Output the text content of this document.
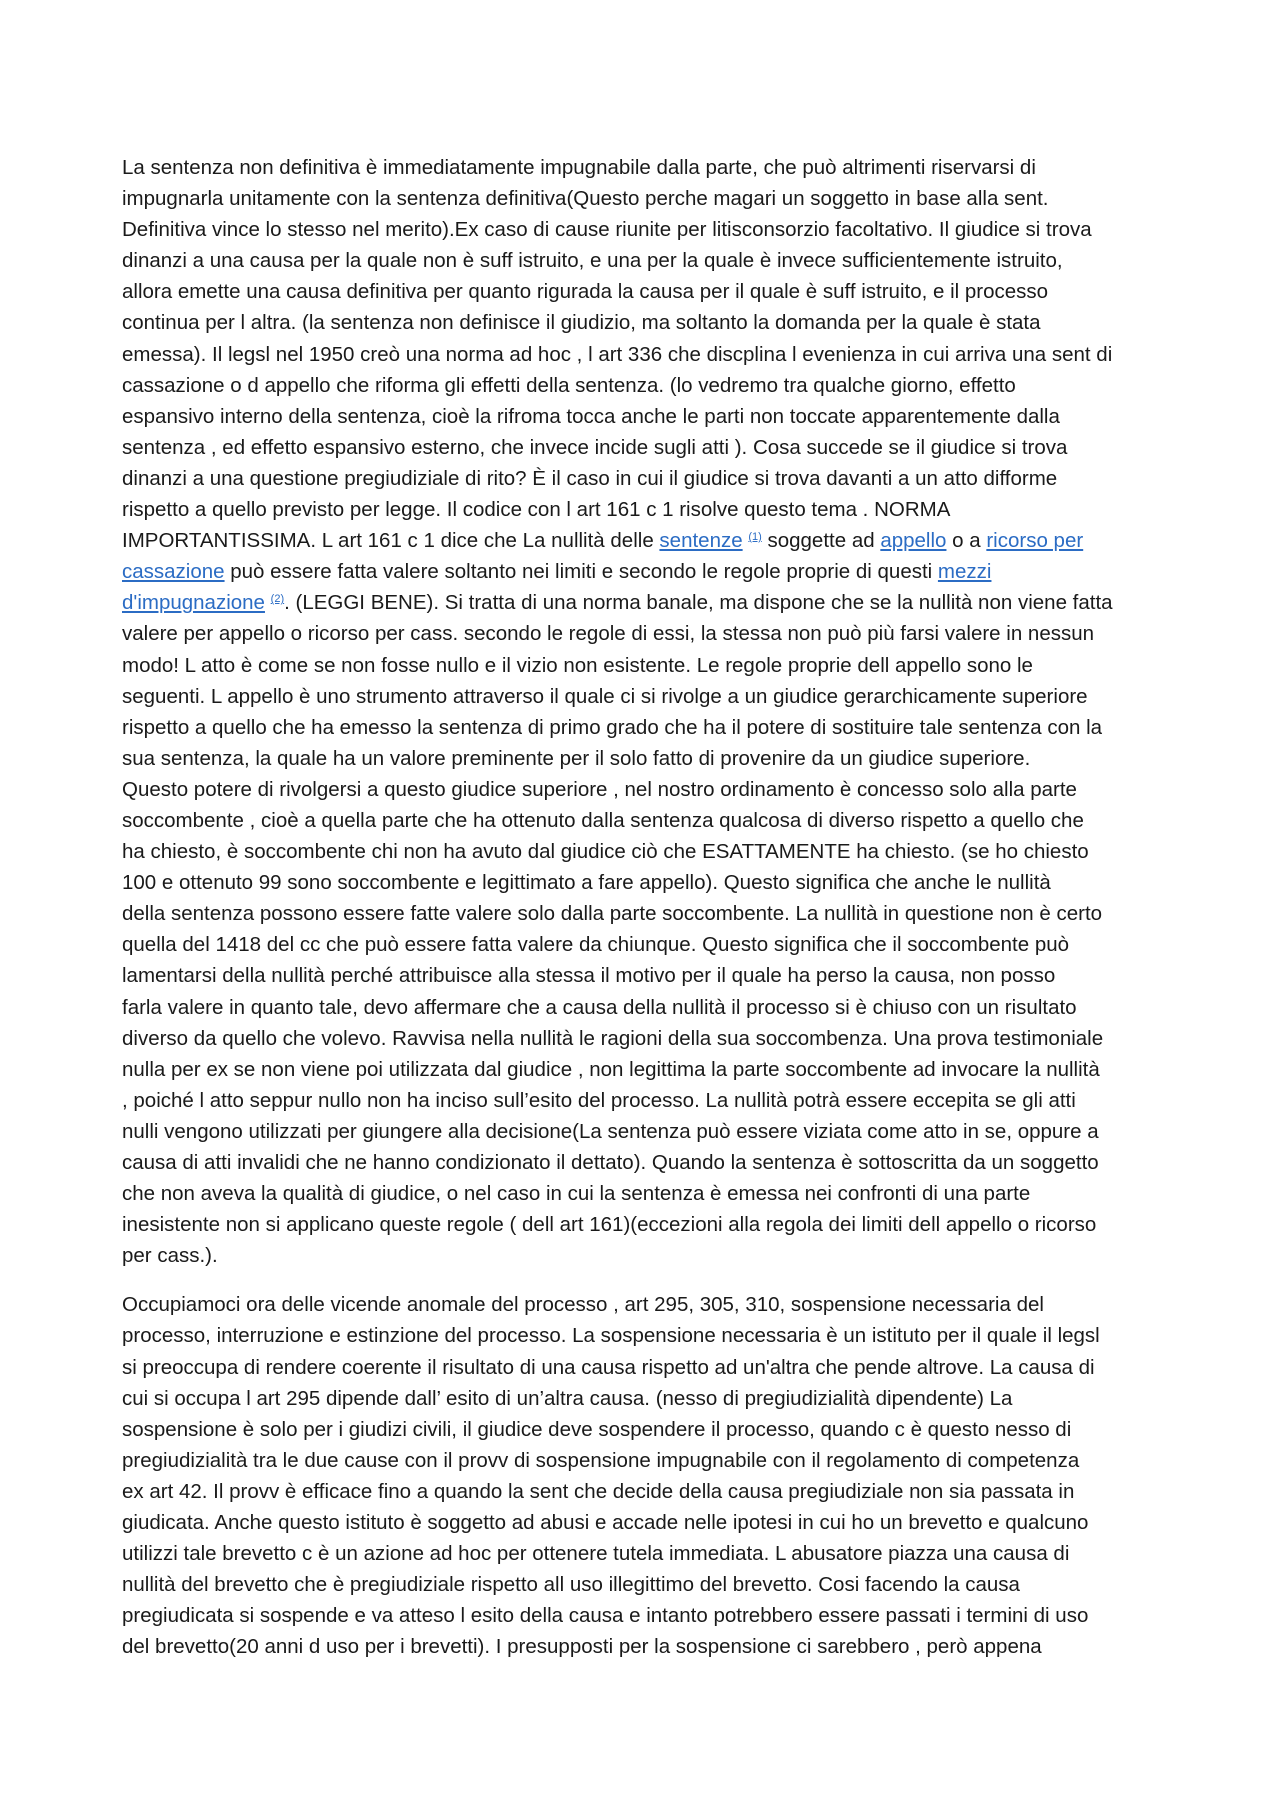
La sentenza non definitiva è immediatamente impugnabile dalla parte, che può altrimenti riservarsi di
impugnarla unitamente con la sentenza definitiva(Questo perche magari un soggetto in base alla sent.
Definitiva vince lo stesso nel merito).Ex caso di cause riunite per litisconsorzio facoltativo. Il giudice si trova
dinanzi a una causa per la quale non è suff istruito, e una per la quale è invece sufficientemente istruito,
allora emette una causa definitiva per quanto rigurada la causa per il quale è suff istruito, e il processo
continua per l altra. (la sentenza non definisce il giudizio, ma soltanto la domanda per la quale è stata
emessa). Il legsl nel 1950 creò una norma ad hoc , l art 336 che discplina l evenienza in cui arriva una sent di
cassazione o d appello che riforma gli effetti della sentenza. (lo vedremo tra qualche giorno, effetto
espansivo interno della sentenza, cioè la rifroma tocca anche le parti non toccate apparentemente dalla
sentenza , ed effetto espansivo esterno, che invece incide sugli atti ). Cosa succede se il giudice si trova
dinanzi a una questione pregiudiziale di rito? È il caso in cui il giudice si trova davanti a un atto difforme
rispetto a quello previsto per legge. Il codice con l art 161 c 1 risolve questo tema . NORMA
IMPORTANTISSIMA. L art 161 c 1 dice che La nullità delle sentenze $^{(1)}$ soggette ad appello o a ricorso per
cassazione può essere fatta valere soltanto nei limiti e secondo le regole proprie di questi mezzi
d'impugnazione $^{(2)}$. (LEGGI BENE). Si tratta di una norma banale, ma dispone che se la nullità non viene fatta
valere per appello o ricorso per cass. secondo le regole di essi, la stessa non può più farsi valere in nessun
modo! L atto è come se non fosse nullo e il vizio non esistente. Le regole proprie dell appello sono le
seguenti. L appello è uno strumento attraverso il quale ci si rivolge a un giudice gerarchicamente superiore
rispetto a quello che ha emesso la sentenza di primo grado che ha il potere di sostituire tale sentenza con la
sua sentenza, la quale ha un valore preminente per il solo fatto di provenire da un giudice superiore.
Questo potere di rivolgersi a questo giudice superiore , nel nostro ordinamento è concesso solo alla parte
soccombente , cioè a quella parte che ha ottenuto dalla sentenza qualcosa di diverso rispetto a quello che
ha chiesto, è soccombente chi non ha avuto dal giudice ciò che ESATTAMENTE ha chiesto. (se ho chiesto
100 e ottenuto 99 sono soccombente e legittimato a fare appello). Questo significa che anche le nullità
della sentenza possono essere fatte valere solo dalla parte soccombente. La nullità in questione non è certo
quella del 1418 del cc che può essere fatta valere da chiunque. Questo significa che il soccombente può
lamentarsi della nullità perché attribuisce alla stessa il motivo per il quale ha perso la causa, non posso
farla valere in quanto tale, devo affermare che a causa della nullità il processo si è chiuso con un risultato
diverso da quello che volevo. Ravvisa nella nullità le ragioni della sua soccombenza. Una prova testimoniale
nulla per ex se non viene poi utilizzata dal giudice , non legittima la parte soccombente ad invocare la nullità
, poiché l atto seppur nullo non ha inciso sull’esito del processo. La nullità potrà essere eccepita se gli atti
nulli vengono utilizzati per giungere alla decisione(La sentenza può essere viziata come atto in se, oppure a
causa di atti invalidi che ne hanno condizionato il dettato). Quando la sentenza è sottoscritta da un soggetto
che non aveva la qualità di giudice, o nel caso in cui la sentenza è emessa nei confronti di una parte
inesistente non si applicano queste regole ( dell art 161)(eccezioni alla regola dei limiti dell appello o ricorso
per cass.).
Occupiamoci ora delle vicende anomale del processo , art 295, 305, 310, sospensione necessaria del
processo, interruzione e estinzione del processo. La sospensione necessaria è un istituto per il quale il legsl
si preoccupa di rendere coerente il risultato di una causa rispetto ad un'altra che pende altrove. La causa di
cui si occupa l art 295 dipende dall’ esito di un’altra causa. (nesso di pregiudizialità dipendente) La
sospensione è solo per i giudizi civili, il giudice deve sospendere il processo, quando c è questo nesso di
pregiudizialità tra le due cause con il provv di sospensione impugnabile con il regolamento di competenza
ex art 42. Il provv è efficace fino a quando la sent che decide della causa pregiudiziale non sia passata in
giudicata. Anche questo istituto è soggetto ad abusi e accade nelle ipotesi in cui ho un brevetto e qualcuno
utilizzi tale brevetto c è un azione ad hoc per ottenere tutela immediata. L abusatore piazza una causa di
nullità del brevetto che è pregiudiziale rispetto all uso illegittimo del brevetto. Cosi facendo la causa
pregiudicata si sospende e va atteso l esito della causa e intanto potrebbero essere passati i termini di uso
del brevetto(20 anni d uso per i brevetti). I presupposti per la sospensione ci sarebbero , però appena
